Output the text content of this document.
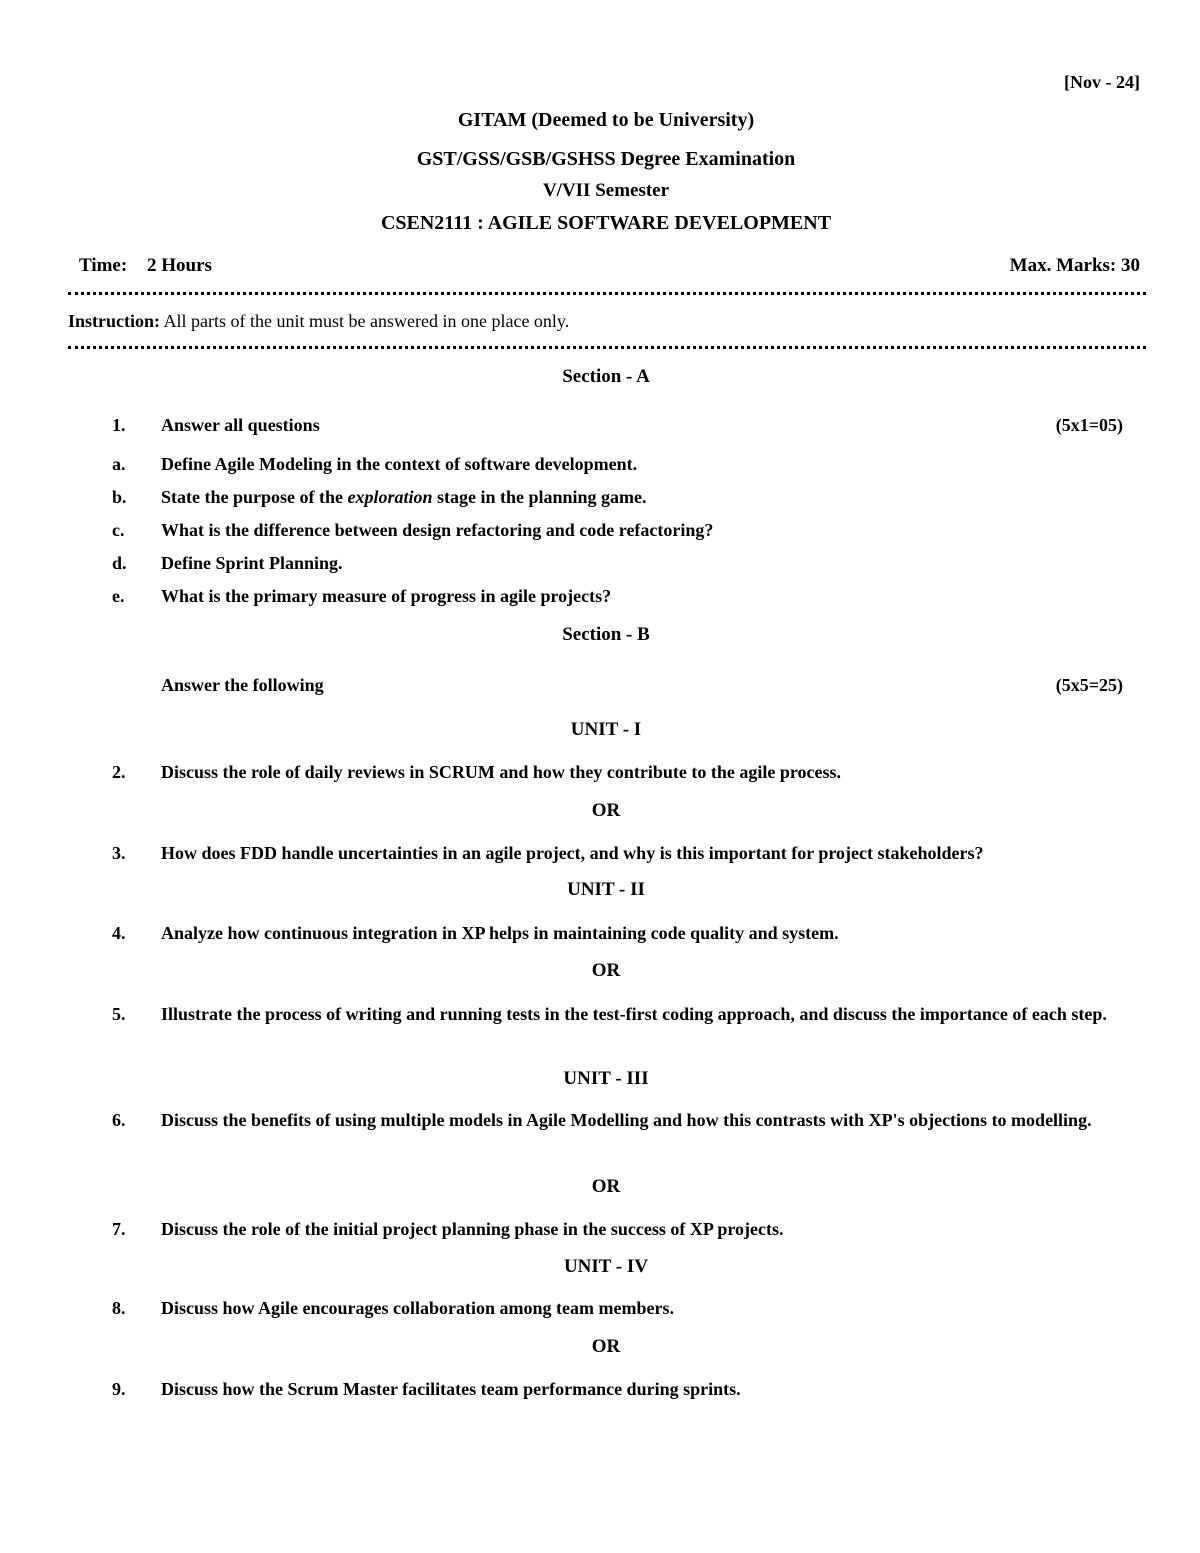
[Nov - 24]
GITAM (Deemed to be University)
GST/GSS/GSB/GSHSS Degree Examination
V/VII Semester
CSEN2111 : AGILE SOFTWARE DEVELOPMENT
Time: 2 Hours	Max. Marks: 30
Instruction: All parts of the unit must be answered in one place only.
Section - A
1. Answer all questions	(5x1=05)
a. Define Agile Modeling in the context of software development.
b. State the purpose of the exploration stage in the planning game.
c. What is the difference between design refactoring and code refactoring?
d. Define Sprint Planning.
e. What is the primary measure of progress in agile projects?
Section - B
Answer the following	(5x5=25)
UNIT - I
2. Discuss the role of daily reviews in SCRUM and how they contribute to the agile process.
OR
3. How does FDD handle uncertainties in an agile project, and why is this important for project stakeholders?
UNIT - II
4. Analyze how continuous integration in XP helps in maintaining code quality and system.
OR
5. Illustrate the process of writing and running tests in the test-first coding approach, and discuss the importance of each step.
UNIT - III
6. Discuss the benefits of using multiple models in Agile Modelling and how this contrasts with XP's objections to modelling.
OR
7. Discuss the role of the initial project planning phase in the success of XP projects.
UNIT - IV
8. Discuss how Agile encourages collaboration among team members.
OR
9. Discuss how the Scrum Master facilitates team performance during sprints.
